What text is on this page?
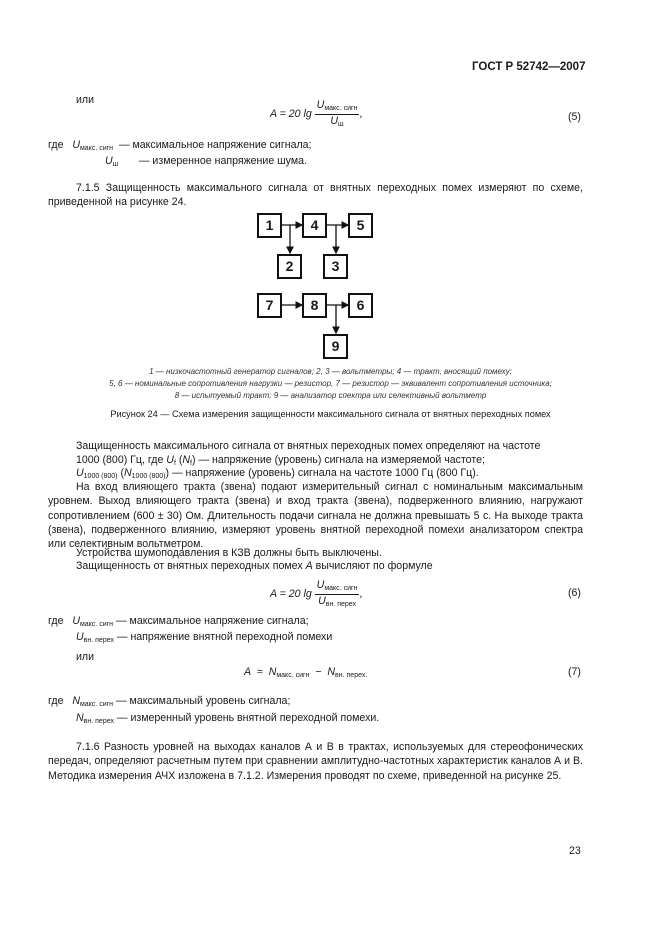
ГОСТ Р 52742—2007
или
A = 20 $\lg \frac{U_{макс. сигн}}{U_ш}$ ,	(5)
где $U_{макс. сигн}$ — максимальное напряжение сигнала;
$U_ш$ — измеренное напряжение шума.
7.1.5 Защищенность максимального сигнала от внятных переходных помех измеряют по схеме, приведенной на рисунке 24.
1	4	5
2	3
7	8	6
9
1 — низкочастотный генератор сигналов; 2, 3 — вольтметры; 4 — тракт, вносящий помеху;
5, 6 — номинальные сопротивления нагрузки — резистор, 7 — резистор — эквивалент сопротивления источника;
8 — испытуемый тракт; 9 — анализатор спектра или селективный вольтметр
Рисунок 24 — Схема измерения защищенности максимального сигнала от внятных переходных помех
Защищенность максимального сигнала от внятных переходных помех определяют на частоте
1000 (800) Гц, где $U_f$ $(N_f)$ — напряжение (уровень) сигнала на измеряемой частоте;
$U_{1000 (800)}$ $(N_{1000 (800)})$ — напряжение (уровень) сигнала на частоте 1000 Гц (800 Гц).
На вход влияющего тракта (звена) подают измерительный сигнал с номинальным максимальным уровнем. Выход влияющего тракта (звена) и вход тракта (звена), подверженного влиянию, нагружают сопротивлением (600 ± 30) Ом. Длительность подачи сигнала не должна превышать 5 с. На выходе тракта (звена), подверженного влиянию, измеряют уровень внятной переходной помехи анализатором спектра или селективным вольтметром.
Устройства шумоподавления в КЗВ должны быть выключены.
Защищенность от внятных переходных помех А вычисляют по формуле
A = 20 $\lg \frac{U_{макс. сигн}}{U_{вн. перех}}$ ,	(6)
где $U_{макс. сигн}$ — максимальное напряжение сигнала;
$U_{вн. перех}$ — напряжение внятной переходной помехи
или
$A \approx N_{макс. сигн} - N_{вн. перех.}$	(7)
где $N_{макс. сигн}$ — максимальный уровень сигнала;
$N_{вн. перех}$ — измеренный уровень внятной переходной помехи.
7.1.6 Разность уровней на выходах каналов А и В в трактах, используемых для стереофонических передач, определяют расчетным путем при сравнении амплитудно-частотных характеристик каналов А и В. Методика измерения АЧХ изложена в 7.1.2. Измерения проводят по схеме, приведенной на рисунке 25.
23
